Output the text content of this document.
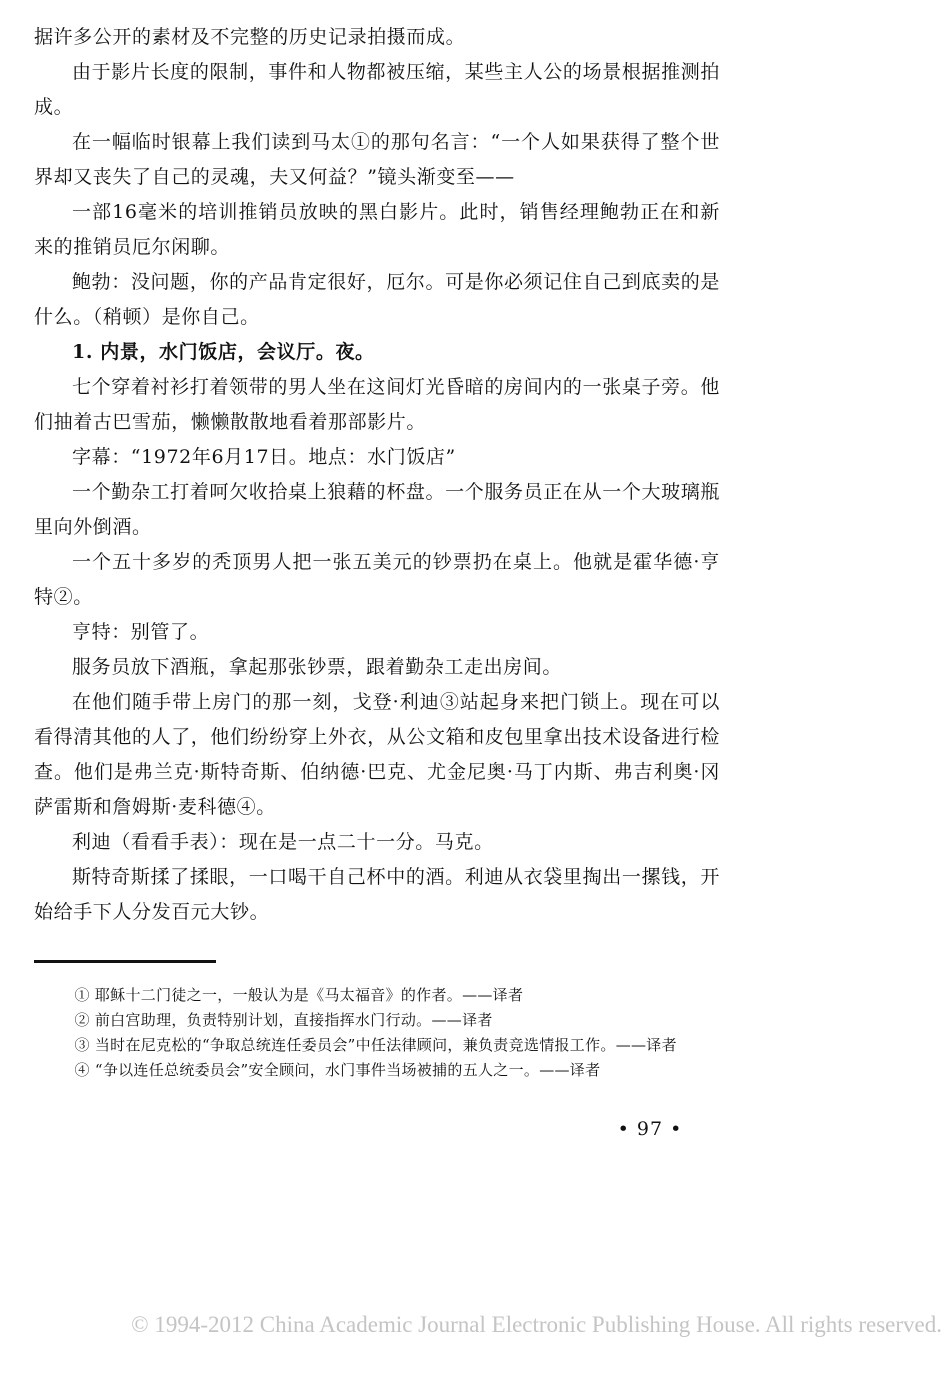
据许多公开的素材及不完整的历史记录拍摄而成。

由于影片长度的限制，事件和人物都被压缩，某些主人公的场景根据推测拍成。

在一幅临时银幕上我们读到马太①的那句名言：“一个人如果获得了整个世界却又丧失了自己的灵魂，夫又何益？”镜头渐变至——

一部16毫米的培训推销员放映的黑白影片。此时，销售经理鲍勃正在和新来的推销员厄尔闲聊。

鲍勃：没问题，你的产品肯定很好，厄尔。可是你必须记住自己到底卖的是什么。（稍顿）是你自己。

1. 内景，水门饭店，会议厅。夜。

七个穿着衬衫打着领带的男人坐在这间灯光昏暗的房间内的一张桌子旁。他们抽着古巴雪茄，懒懒散散地看着那部影片。

字幕：“1972年6月17日。地点：水门饭店”

一个勤杂工打着呵欠收拾桌上狼藉的杯盘。一个服务员正在从一个大玻璃瓶里向外倒酒。

一个五十多岁的秃顶男人把一张五美元的钞票扔在桌上。他就是霍华德·亨特②。

亨特：别管了。

服务员放下酒瓶，拿起那张钞票，跟着勤杂工走出房间。

在他们随手带上房门的那一刻，戈登·利迪③站起身来把门锁上。现在可以看得清其他的人了，他们纷纷穿上外衣，从公文箱和皮包里拿出技术设备进行检查。他们是弗兰克·斯特奇斯、伯纳德·巴克、尤金尼奥·马丁内斯、弗吉利奥·冈萨雷斯和詹姆斯·麦科德④。

利迪（看看手表）：现在是一点二十一分。马克。

斯特奇斯揉了揉眼，一口喝干自己杯中的酒。利迪从衣袋里掏出一摞钱，开始给手下人分发百元大钞。

① 耶稣十二门徒之一，一般认为是《马太福音》的作者。——译者

② 前白宫助理，负责特别计划，直接指挥水门行动。——译者

③ 当时在尼克松的“争取总统连任委员会”中任法律顾问，兼负责竞选情报工作。——译者

④ “争以连任总统委员会”安全顾问，水门事件当场被捕的五人之一。——译者

• 97 •
© 1994-2012 China Academic Journal Electronic Publishing House. All rights reserved.
